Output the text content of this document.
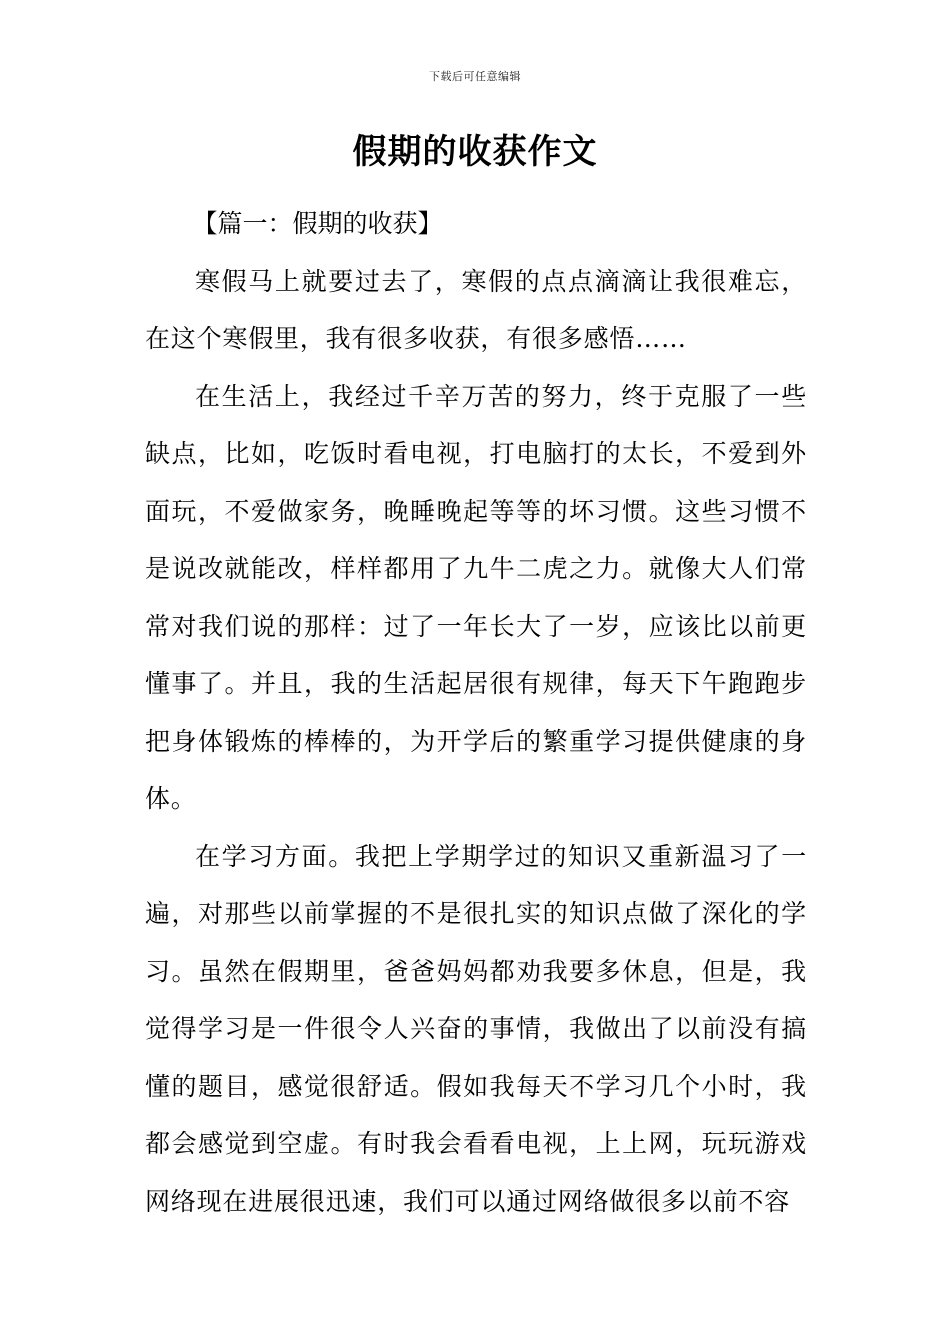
下载后可任意编辑
假期的收获作文

【篇一：假期的收获】

寒假马上就要过去了，寒假的点点滴滴让我很难忘，在这个寒假里，我有很多收获，有很多感悟……

在生活上，我经过千辛万苦的努力，终于克服了一些缺点，比如，吃饭时看电视，打电脑打的太长，不爱到外面玩，不爱做家务，晚睡晚起等等的坏习惯。这些习惯不是说改就能改，样样都用了九牛二虎之力。就像大人们常常对我们说的那样：过了一年长大了一岁，应该比以前更懂事了。并且，我的生活起居很有规律，每天下午跑跑步把身体锻炼的棒棒的，为开学后的繁重学习提供健康的身体。

在学习方面。我把上学期学过的知识又重新温习了一遍，对那些以前掌握的不是很扎实的知识点做了深化的学习。虽然在假期里，爸爸妈妈都劝我要多休息，但是，我觉得学习是一件很令人兴奋的事情，我做出了以前没有搞懂的题目，感觉很舒适。假如我每天不学习几个小时，我都会感觉到空虚。有时我会看看电视，上上网，玩玩游戏网络现在进展很迅速，我们可以通过网络做很多以前不容
